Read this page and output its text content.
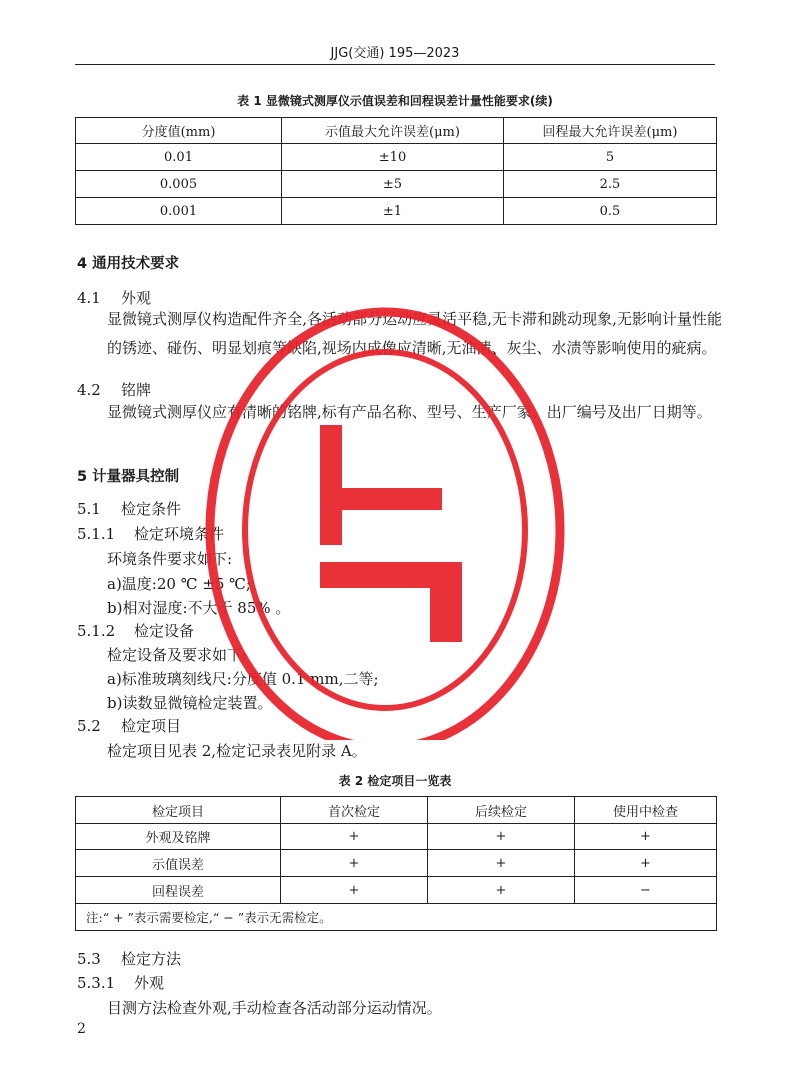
JJG(交通) 195—2023
表 1 显微镜式测厚仪示值误差和回程误差计量性能要求(续)
分度值(mm)	示值最大允许误差(μm)	回程最大允许误差(μm)
0.01	±10	5
0.005	±5	2.5
0.001	±1	0.5
4 通用技术要求
4.1 外观
显微镜式测厚仪构造配件齐全,各活动部分运动应灵活平稳,无卡滞和跳动现象,无影响计量性能的锈迹、碰伤、明显划痕等缺陷,视场内成像应清晰,无油渍、灰尘、水渍等影响使用的疵病。
4.2 铭牌
显微镜式测厚仪应有清晰的铭牌,标有产品名称、型号、生产厂家、出厂编号及出厂日期等。
5 计量器具控制
5.1 检定条件
5.1.1 检定环境条件
环境条件要求如下:
a)温度:20 ℃ ±5 ℃;
b)相对湿度:不大于 85% 。
5.1.2 检定设备
检定设备及要求如下:
a)标准玻璃刻线尺:分度值 0.1 mm,二等;
b)读数显微镜检定装置。
5.2 检定项目
检定项目见表 2,检定记录表见附录 A。
表 2 检定项目一览表
检定项目	首次检定	后续检定	使用中检查
外观及铭牌	+	+	+
示值误差	+	+	+
回程误差	+	+	−
注:“ + ”表示需要检定,“ − ”表示无需检定。			
5.3 检定方法
5.3.1 外观
目测方法检查外观,手动检查各活动部分运动情况。
2
